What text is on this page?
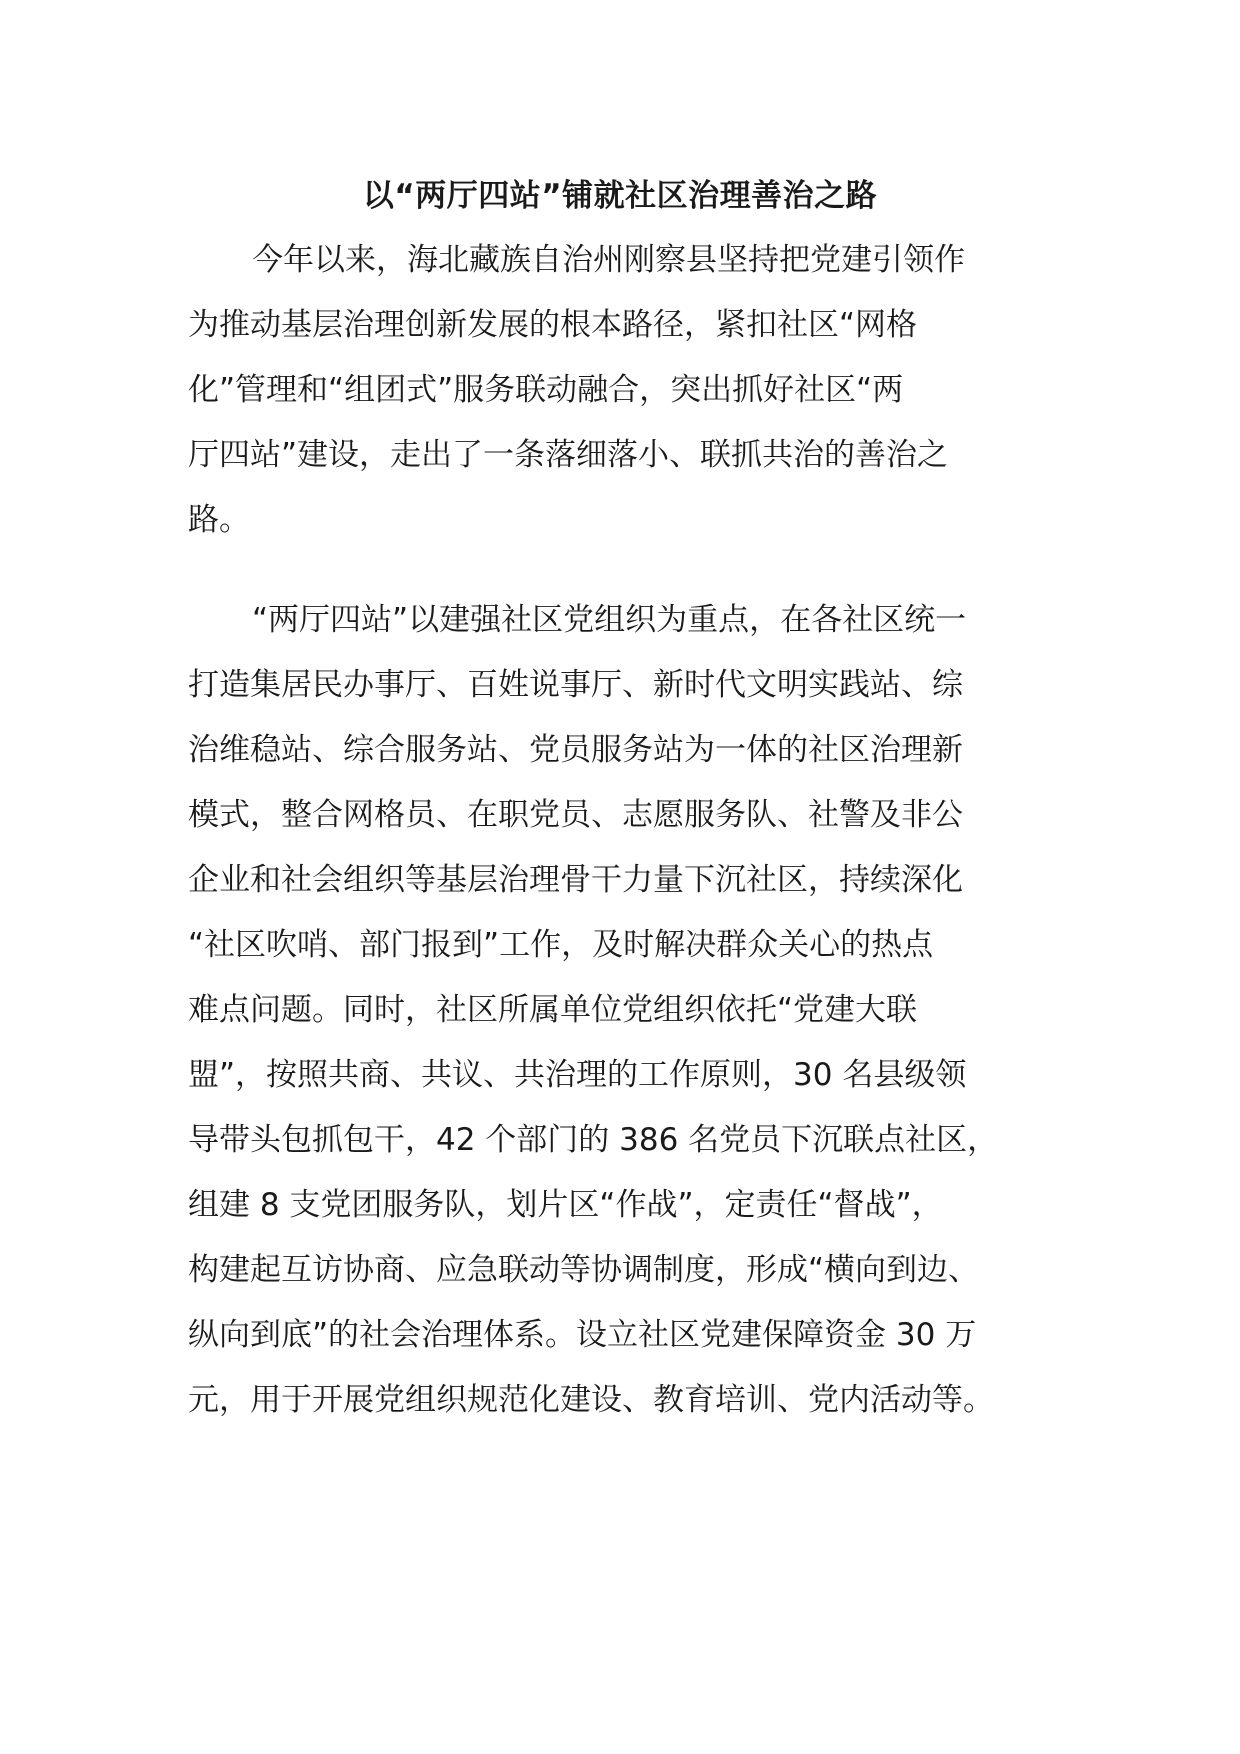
以“两厅四站”铺就社区治理善治之路
今年以来，海北藏族自治州刚察县坚持把党建引领作
为推动基层治理创新发展的根本路径，紧扣社区“网格
化”管理和“组团式”服务联动融合，突出抓好社区“两
厅四站”建设，走出了一条落细落小、联抓共治的善治之
路。
“两厅四站”以建强社区党组织为重点，在各社区统一
打造集居民办事厅、百姓说事厅、新时代文明实践站、综
治维稳站、综合服务站、党员服务站为一体的社区治理新
模式，整合网格员、在职党员、志愿服务队、社警及非公
企业和社会组织等基层治理骨干力量下沉社区，持续深化
“社区吹哨、部门报到”工作，及时解决群众关心的热点
难点问题。同时，社区所属单位党组织依托“党建大联
盟”，按照共商、共议、共治理的工作原则，30 名县级领
导带头包抓包干，42 个部门的 386 名党员下沉联点社区，
组建 8 支党团服务队，划片区“作战”，定责任“督战”，
构建起互访协商、应急联动等协调制度，形成“横向到边、
纵向到底”的社会治理体系。设立社区党建保障资金 30 万
元，用于开展党组织规范化建设、教育培训、党内活动等。
